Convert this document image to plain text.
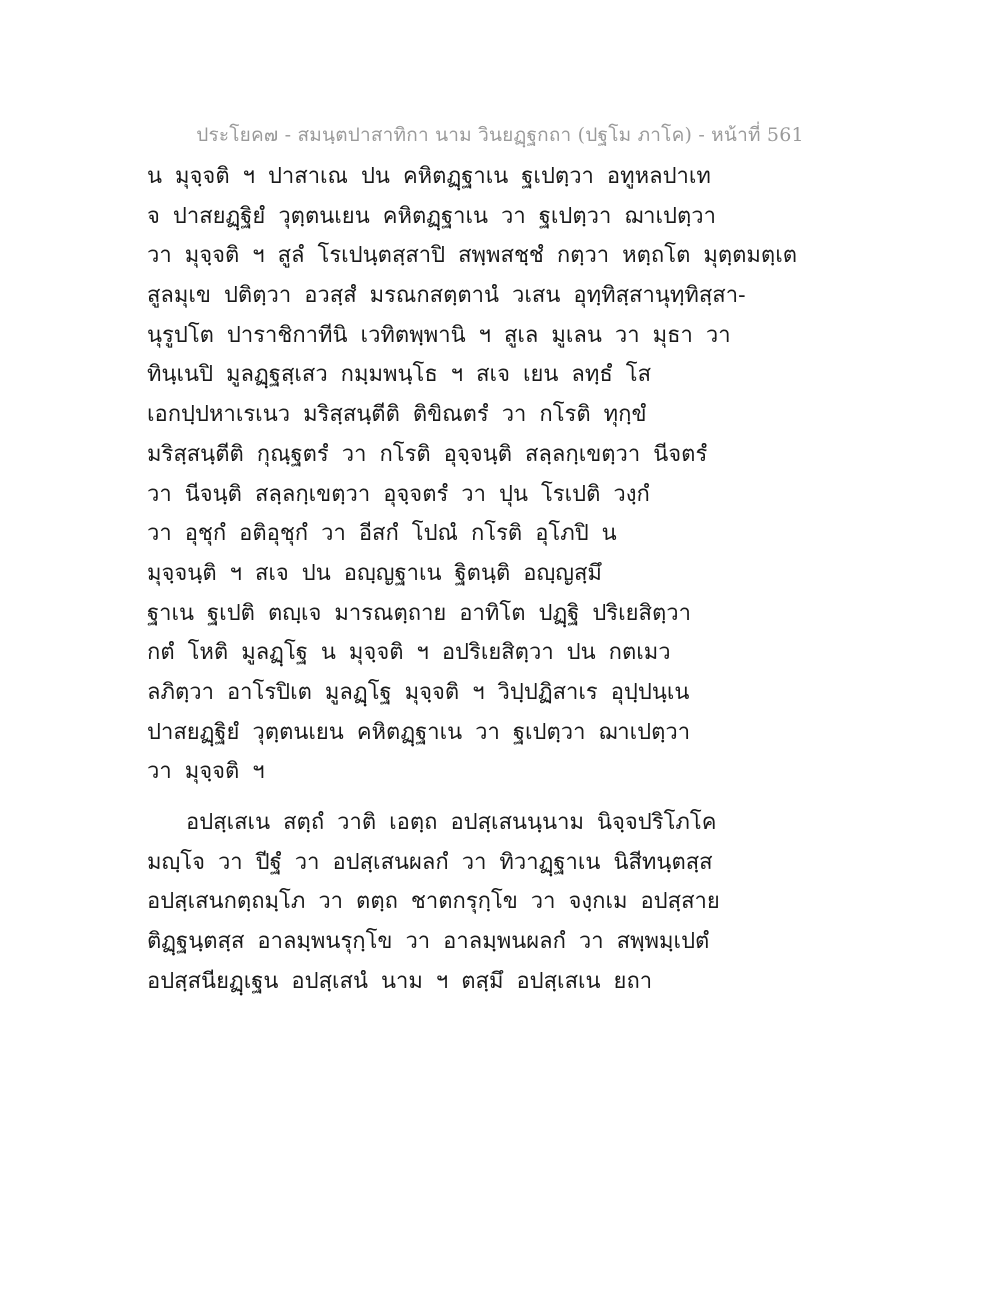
ประโยค๗ - สมนฺตปาสาทิกา นาม วินยฏฺฐกถา (ปฐโม ภาโค) - หน้าที่ 561
น มุจฺจติ ฯ ปาสาเณ ปน คหิตฏฺฐาเน ฐเปตฺวา อทูหลปาเท
จ ปาสยฏฺฐิยํ วุตฺตนเยน คหิตฏฺฐาเน วา ฐเปตฺวา ฌาเปตฺวา
วา มุจฺจติ ฯ สูลํ โรเปนฺตสฺสาปิ สพฺพสชฺชํ กตฺวา หตฺถโต มุตฺตมตฺเต
สูลมุเข ปติตฺวา อวสฺสํ มรณกสตฺตานํ วเสน อุทฺทิสฺสานุทฺทิสฺสา-
นุรูปโต ปาราชิกาทีนิ เวทิตพฺพานิ ฯ สูเล มูเลน วา มุธา วา
ทินฺเนปิ มูลฏฺฐสฺเสว กมฺมพนฺโธ ฯ สเจ เยน ลทฺธํ โส
เอกปฺปหาเรเนว มริสฺสนฺตีติ ติขิณตรํ วา กโรติ ทุกฺขํ
มริสฺสนฺตีติ กุณฺฐตรํ วา กโรติ อุจฺจนฺติ สลฺลกฺเขตฺวา นีจตรํ
วา นีจนฺติ สลฺลกฺเขตฺวา อุจฺจตรํ วา ปุน โรเปติ วงฺกํ
วา อุชุกํ อติอุชุกํ วา อีสกํ โปณํ กโรติ อุโภปิ น
มุจฺจนฺติ ฯ สเจ ปน อญฺญฐาเน ฐิตนฺติ อญฺญสฺมึ
ฐาเน ฐเปติ ตญฺเจ มารณตฺถาย อาทิโต ปฏฺฐิ ปริเยสิตฺวา
กตํ โหติ มูลฏฺโฐ น มุจฺจติ ฯ อปริเยสิตฺวา ปน กตเมว
ลภิตฺวา อาโรปิเต มูลฏฺโฐ มุจฺจติ ฯ วิปฺปฏิสาเร อุปฺปนฺเน
ปาสยฏฺฐิยํ วุตฺตนเยน คหิตฏฺฐาเน วา ฐเปตฺวา ฌาเปตฺวา
วา มุจฺจติ ฯ
อปสฺเสเน สตฺถํ วาติ เอตฺถ อปสฺเสนนฺนาม นิจฺจปริโภโค
มญฺโจ วา ปีฐํ วา อปสฺเสนผลกํ วา ทิวาฏฺฐาเน นิสีทนฺตสฺส
อปสฺเสนกตฺถมฺโภ วา ตตฺถ ชาตกรุกฺโข วา จงฺกเม อปสฺสาย
ติฏฺฐนฺตสฺส อาลมฺพนรุกฺโข วา อาลมฺพนผลกํ วา สพฺพมฺเปตํ
อปสฺสนียฏฺเฐน อปสฺเสนํ นาม ฯ ตสฺมึ อปสฺเสเน ยถา
